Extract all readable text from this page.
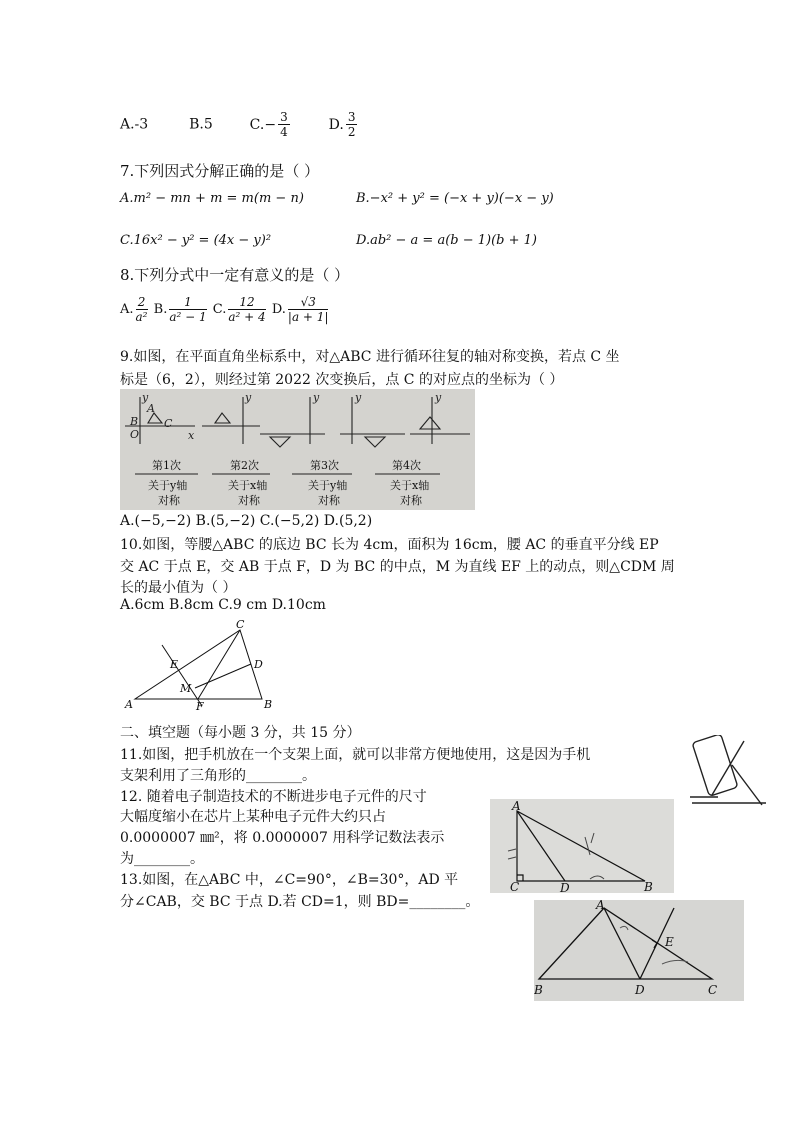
A.-3	B.5	$C.- \frac{3}{4}$	D. $\frac{3}{2}$
7.下列因式分解正确的是（ ）
A.m² − mn + m = m(m − n)	B.−x² + y² = (−x + y)(−x − y)
C.16x² − y² = (4x − y)²	D.ab² − a = a(b − 1)(b + 1)
8.下列分式中一定有意义的是（ ）
A. $\frac{2}{\text{a²}} B$. $\frac{1}{\text{a² − 1}} C$. $\frac{12}{\text{a² + 4}} D$. $\frac{√3}{|a + 1|}$
9.如图，在平面直角坐标系中，对△ABC 进行循环往复的轴对称变换，若点 C 坐
标是（6，2），则经过第 2022 次变换后，点 C 的对应点的坐标为（ ）
y
x
O
A
B C
y	y	y	y
第1次	第2次	第3次	第4次
关于y轴	关于x轴	关于y轴	关于x轴
对称	对称	对称	对称
A.(−5,−2) B.(5,−2) C.(−5,2) D.(5,2)
10.如图，等腰△ABC 的底边 BC 长为 4cm，面积为 16cm，腰 AC 的垂直平分线 EP
交 AC 于点 E，交 AB 于点 F，D 为 BC 的中点，M 为直线 EF 上的动点，则△CDM 周
长的最小值为（ ）
A.6cm B.8cm C.9 cm D.10cm
A	B
C
D
E
F
M
二、填空题（每小题 3 分，共 15 分）
11.如图，把手机放在一个支架上面，就可以非常方便地使用，这是因为手机
支架利用了三角形的________。
12. 随着电子制造技术的不断进步电子元件的尺寸
大幅度缩小在芯片上某种电子元件大约只占
0.0000007 ㎜²，将 0.0000007 用科学记数法表示
为________。
13.如图，在△ABC 中，∠C=90°，∠B=30°，AD 平
分∠CAB，交 BC 于点 D.若 CD=1，则 BD=________。
A
C	D	B
A
B	D	C
E
